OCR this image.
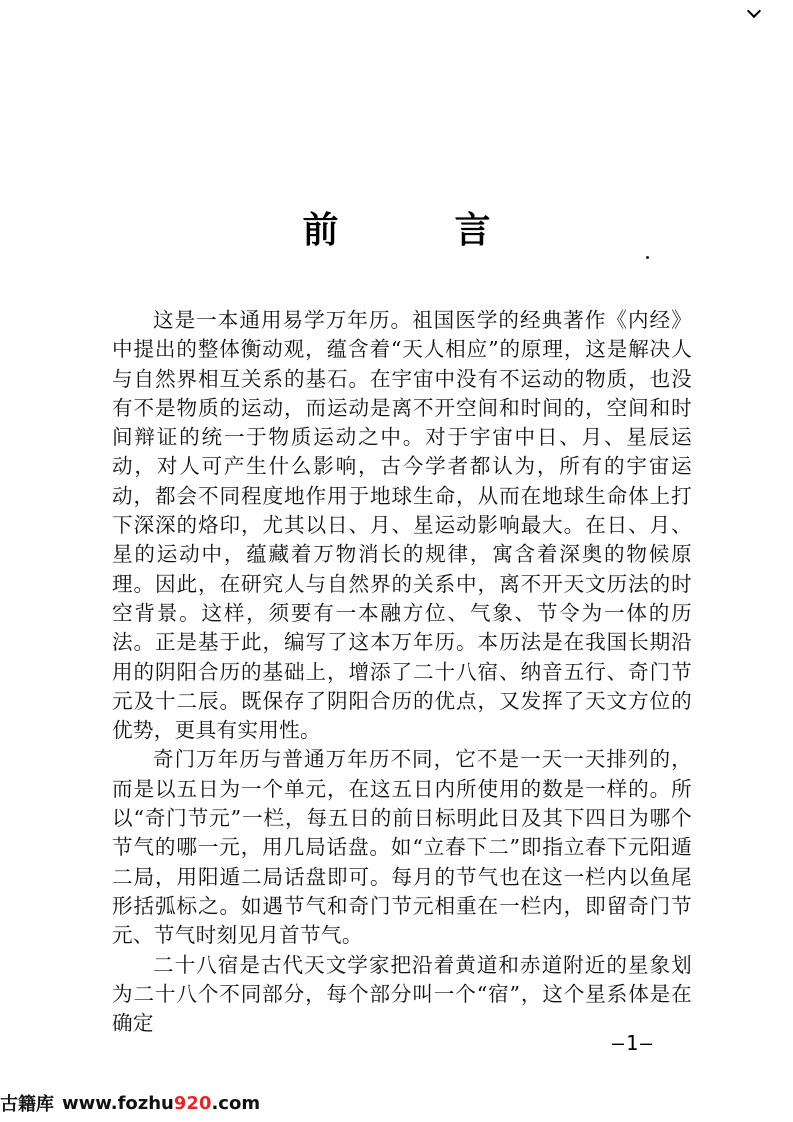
前　言

这是一本通用易学万年历。祖国医学的经典著作《内经》中提出的整体衡动观，蕴含着“天人相应”的原理，这是解决人与自然界相互关系的基石。在宇宙中没有不运动的物质，也没有不是物质的运动，而运动是离不开空间和时间的，空间和时间辩证的统一于物质运动之中。对于宇宙中日、月、星辰运动，对人可产生什么影响，古今学者都认为，所有的宇宙运动，都会不同程度地作用于地球生命，从而在地球生命体上打下深深的烙印，尤其以日、月、星运动影响最大。在日、月、星的运动中，蕴藏着万物消长的规律，寓含着深奥的物候原理。因此，在研究人与自然界的关系中，离不开天文历法的时空背景。这样，须要有一本融方位、气象、节令为一体的历法。正是基于此，编写了这本万年历。本历法是在我国长期沿用的阴阳合历的基础上，增添了二十八宿、纳音五行、奇门节元及十二辰。既保存了阴阳合历的优点，又发挥了天文方位的优势，更具有实用性。

奇门万年历与普通万年历不同，它不是一天一天排列的，而是以五日为一个单元，在这五日内所使用的数是一样的。所以“奇门节元”一栏，每五日的前日标明此日及其下四日为哪个节气的哪一元，用几局话盘。如“立春下二”即指立春下元阳遁二局，用阳遁二局话盘即可。每月的节气也在这一栏内以鱼尾形括弧标之。如遇节气和奇门节元相重在一栏内，即留奇门节元、节气时刻见月首节气。

二十八宿是古代天文学家把沿着黄道和赤道附近的星象划为二十八个不同部分，每个部分叫一个“宿”，这个星系体是在确定

—1—
古籍库 www.fozhu 920 .com
